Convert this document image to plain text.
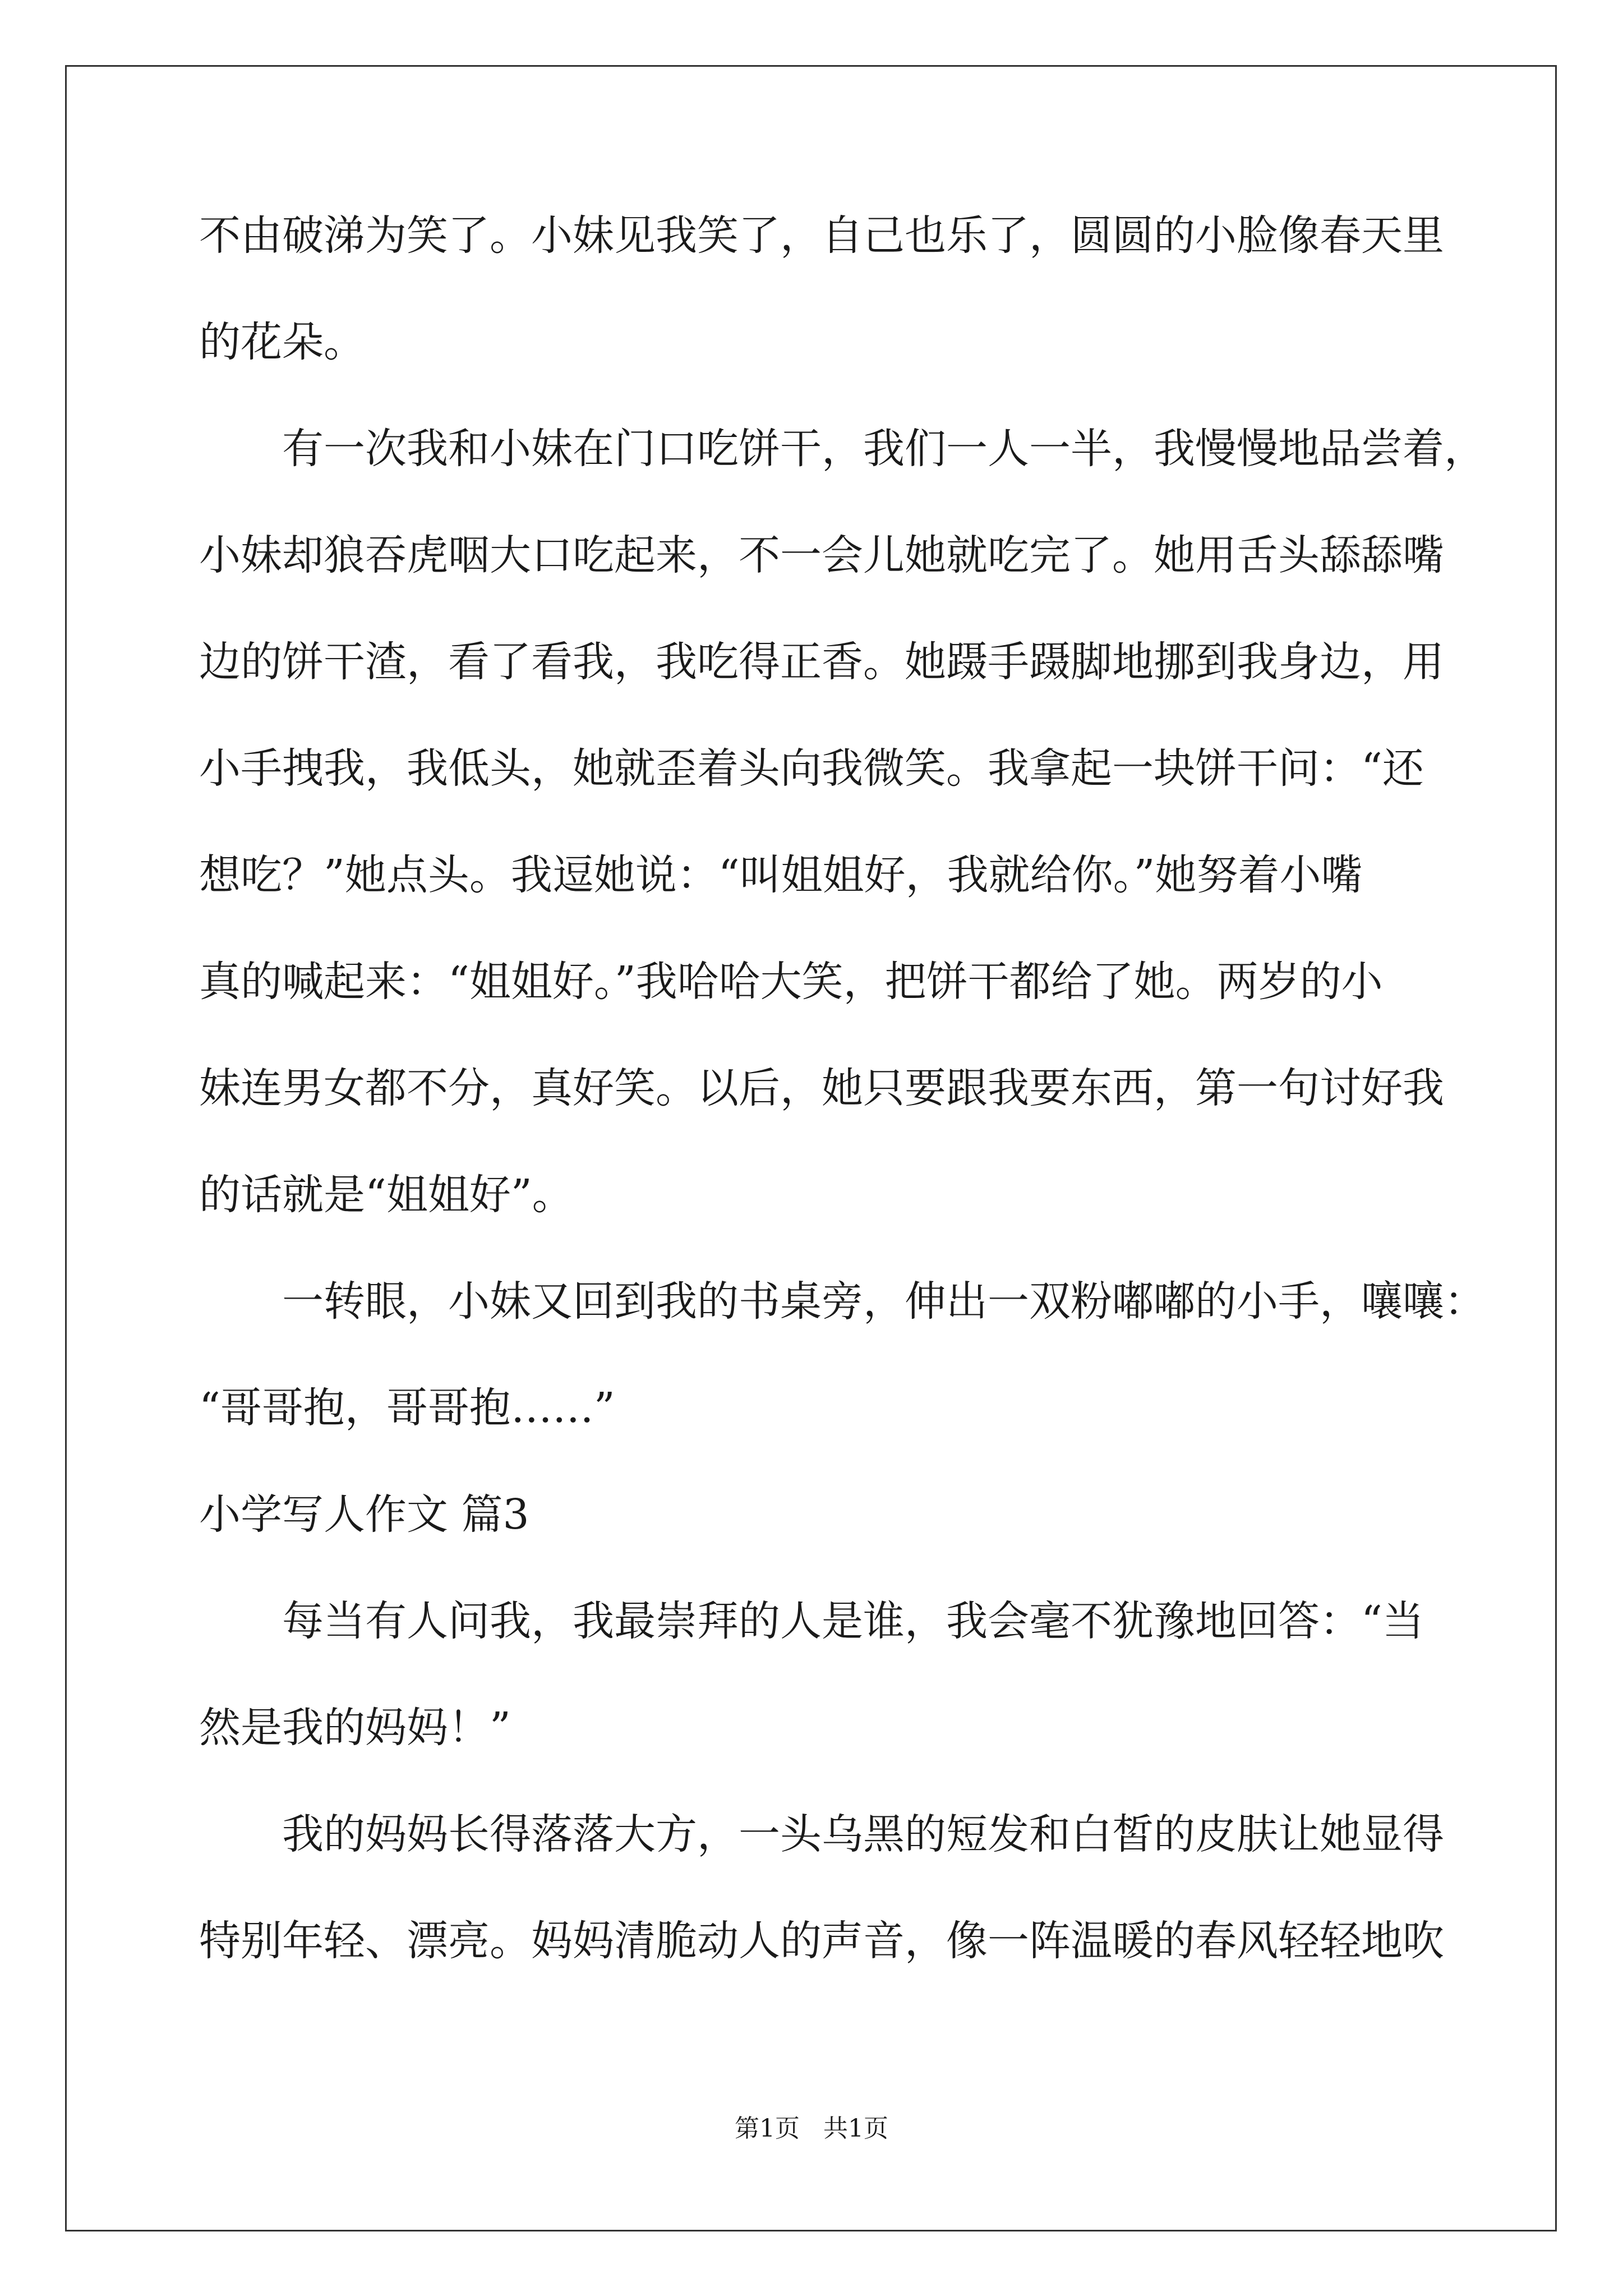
不由破涕为笑了。小妹见我笑了，自己也乐了，圆圆的小脸像春天里
的花朵。
有一次我和小妹在门口吃饼干，我们一人一半，我慢慢地品尝着，
小妹却狼吞虎咽大口吃起来，不一会儿她就吃完了。她用舌头舔舔嘴
边的饼干渣，看了看我，我吃得正香。她蹑手蹑脚地挪到我身边，用
小手拽我，我低头，她就歪着头向我微笑。我拿起一块饼干问：“还
想吃？”她点头。我逗她说：“叫姐姐好，我就给你。”她努着小嘴
真的喊起来：“姐姐好。”我哈哈大笑，把饼干都给了她。两岁的小
妹连男女都不分，真好笑。以后，她只要跟我要东西，第一句讨好我
的话就是“姐姐好”。
一转眼，小妹又回到我的书桌旁，伸出一双粉嘟嘟的小手，嚷嚷：
“哥哥抱，哥哥抱……”
小学写人作文 篇3
每当有人问我，我最崇拜的人是谁，我会毫不犹豫地回答：“当
然是我的妈妈！”
我的妈妈长得落落大方，一头乌黑的短发和白皙的皮肤让她显得
特别年轻、漂亮。妈妈清脆动人的声音，像一阵温暖的春风轻轻地吹
第1页   共1页
